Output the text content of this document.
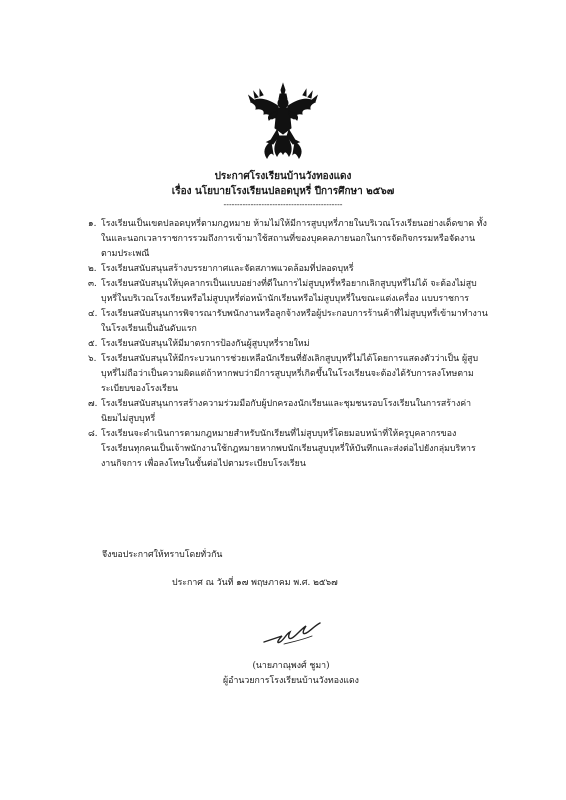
ประกาศโรงเรียนบ้านวังทองแดง
เรื่อง นโยบายโรงเรียนปลอดบุหรี่ ปีการศึกษา ๒๕๖๗
--------------------------------------------
๑. โรงเรียนเป็นเขตปลอดบุหรี่ตามกฎหมาย ห้ามไม่ให้มีการสูบบุหรี่ภายในบริเวณโรงเรียนอย่างเด็ดขาด ทั้งในและนอกเวลาราชการรวมถึงการเข้ามาใช้สถานที่ของบุคคลภายนอกในการจัดกิจกรรมหรือจัดงานตามประเพณี
๒. โรงเรียนสนับสนุนสร้างบรรยากาศและจัดสภาพแวดล้อมที่ปลอดบุหรี่
๓. โรงเรียนสนับสนุนให้บุคลากรเป็นแบบอย่างที่ดีในการไม่สูบบุหรี่หรือยากเลิกสูบบุหรี่ไม่ได้ จะต้องไม่สูบบุหรี่ในบริเวณโรงเรียนหรือไม่สูบบุหรี่ต่อหน้านักเรียนหรือไม่สูบบุหรี่ในขณะแต่งเครื่อง แบบราชการ
๔. โรงเรียนสนับสนุนการพิจารณารับพนักงานหรือลูกจ้างหรือผู้ประกอบการร้านค้าที่ไม่สูบบุหรี่เข้ามาทำงานในโรงเรียนเป็นอันดับแรก
๕. โรงเรียนสนับสนุนให้มีมาตรการป้องกันผู้สูบบุหรี่รายใหม่
๖. โรงเรียนสนับสนุนให้มีกระบวนการช่วยเหลือนักเรียนที่ยังเลิกสูบบุหรี่ไม่ได้โดยการแสดงตัวว่าเป็น ผู้สูบบุหรี่ไม่ถือว่าเป็นความผิดแต่ถ้าหากพบว่ามีการสูบบุหรี่เกิดขึ้นในโรงเรียนจะต้องได้รับการลงโทษตามระเบียบของโรงเรียน
๗. โรงเรียนสนับสนุนการสร้างความร่วมมือกับผู้ปกครองนักเรียนและชุมชนรอบโรงเรียนในการสร้างค่านิยมไม่สูบบุหรี่
๘. โรงเรียนจะดำเนินการตามกฎหมายสำหรับนักเรียนที่ไม่สูบบุหรี่โดยมอบหน้าที่ให้ครูบุคลากรของโรงเรียนทุกคนเป็นเจ้าพนักงานใช้กฎหมายหากพบนักเรียนสูบบุหรี่ให้บันทึกและส่งต่อไปยังกลุ่มบริหารงานกิจการ เพื่อลงโทษในขั้นต่อไปตามระเบียบโรงเรียน
จึงขอประกาศให้ทราบโดยทั่วกัน
ประกาศ ณ วันที่ ๑๗ พฤษภาคม พ.ศ. ๒๕๖๗
(นายภาณุพงศ์ ชูมา)
ผู้อำนวยการโรงเรียนบ้านวังทองแดง
